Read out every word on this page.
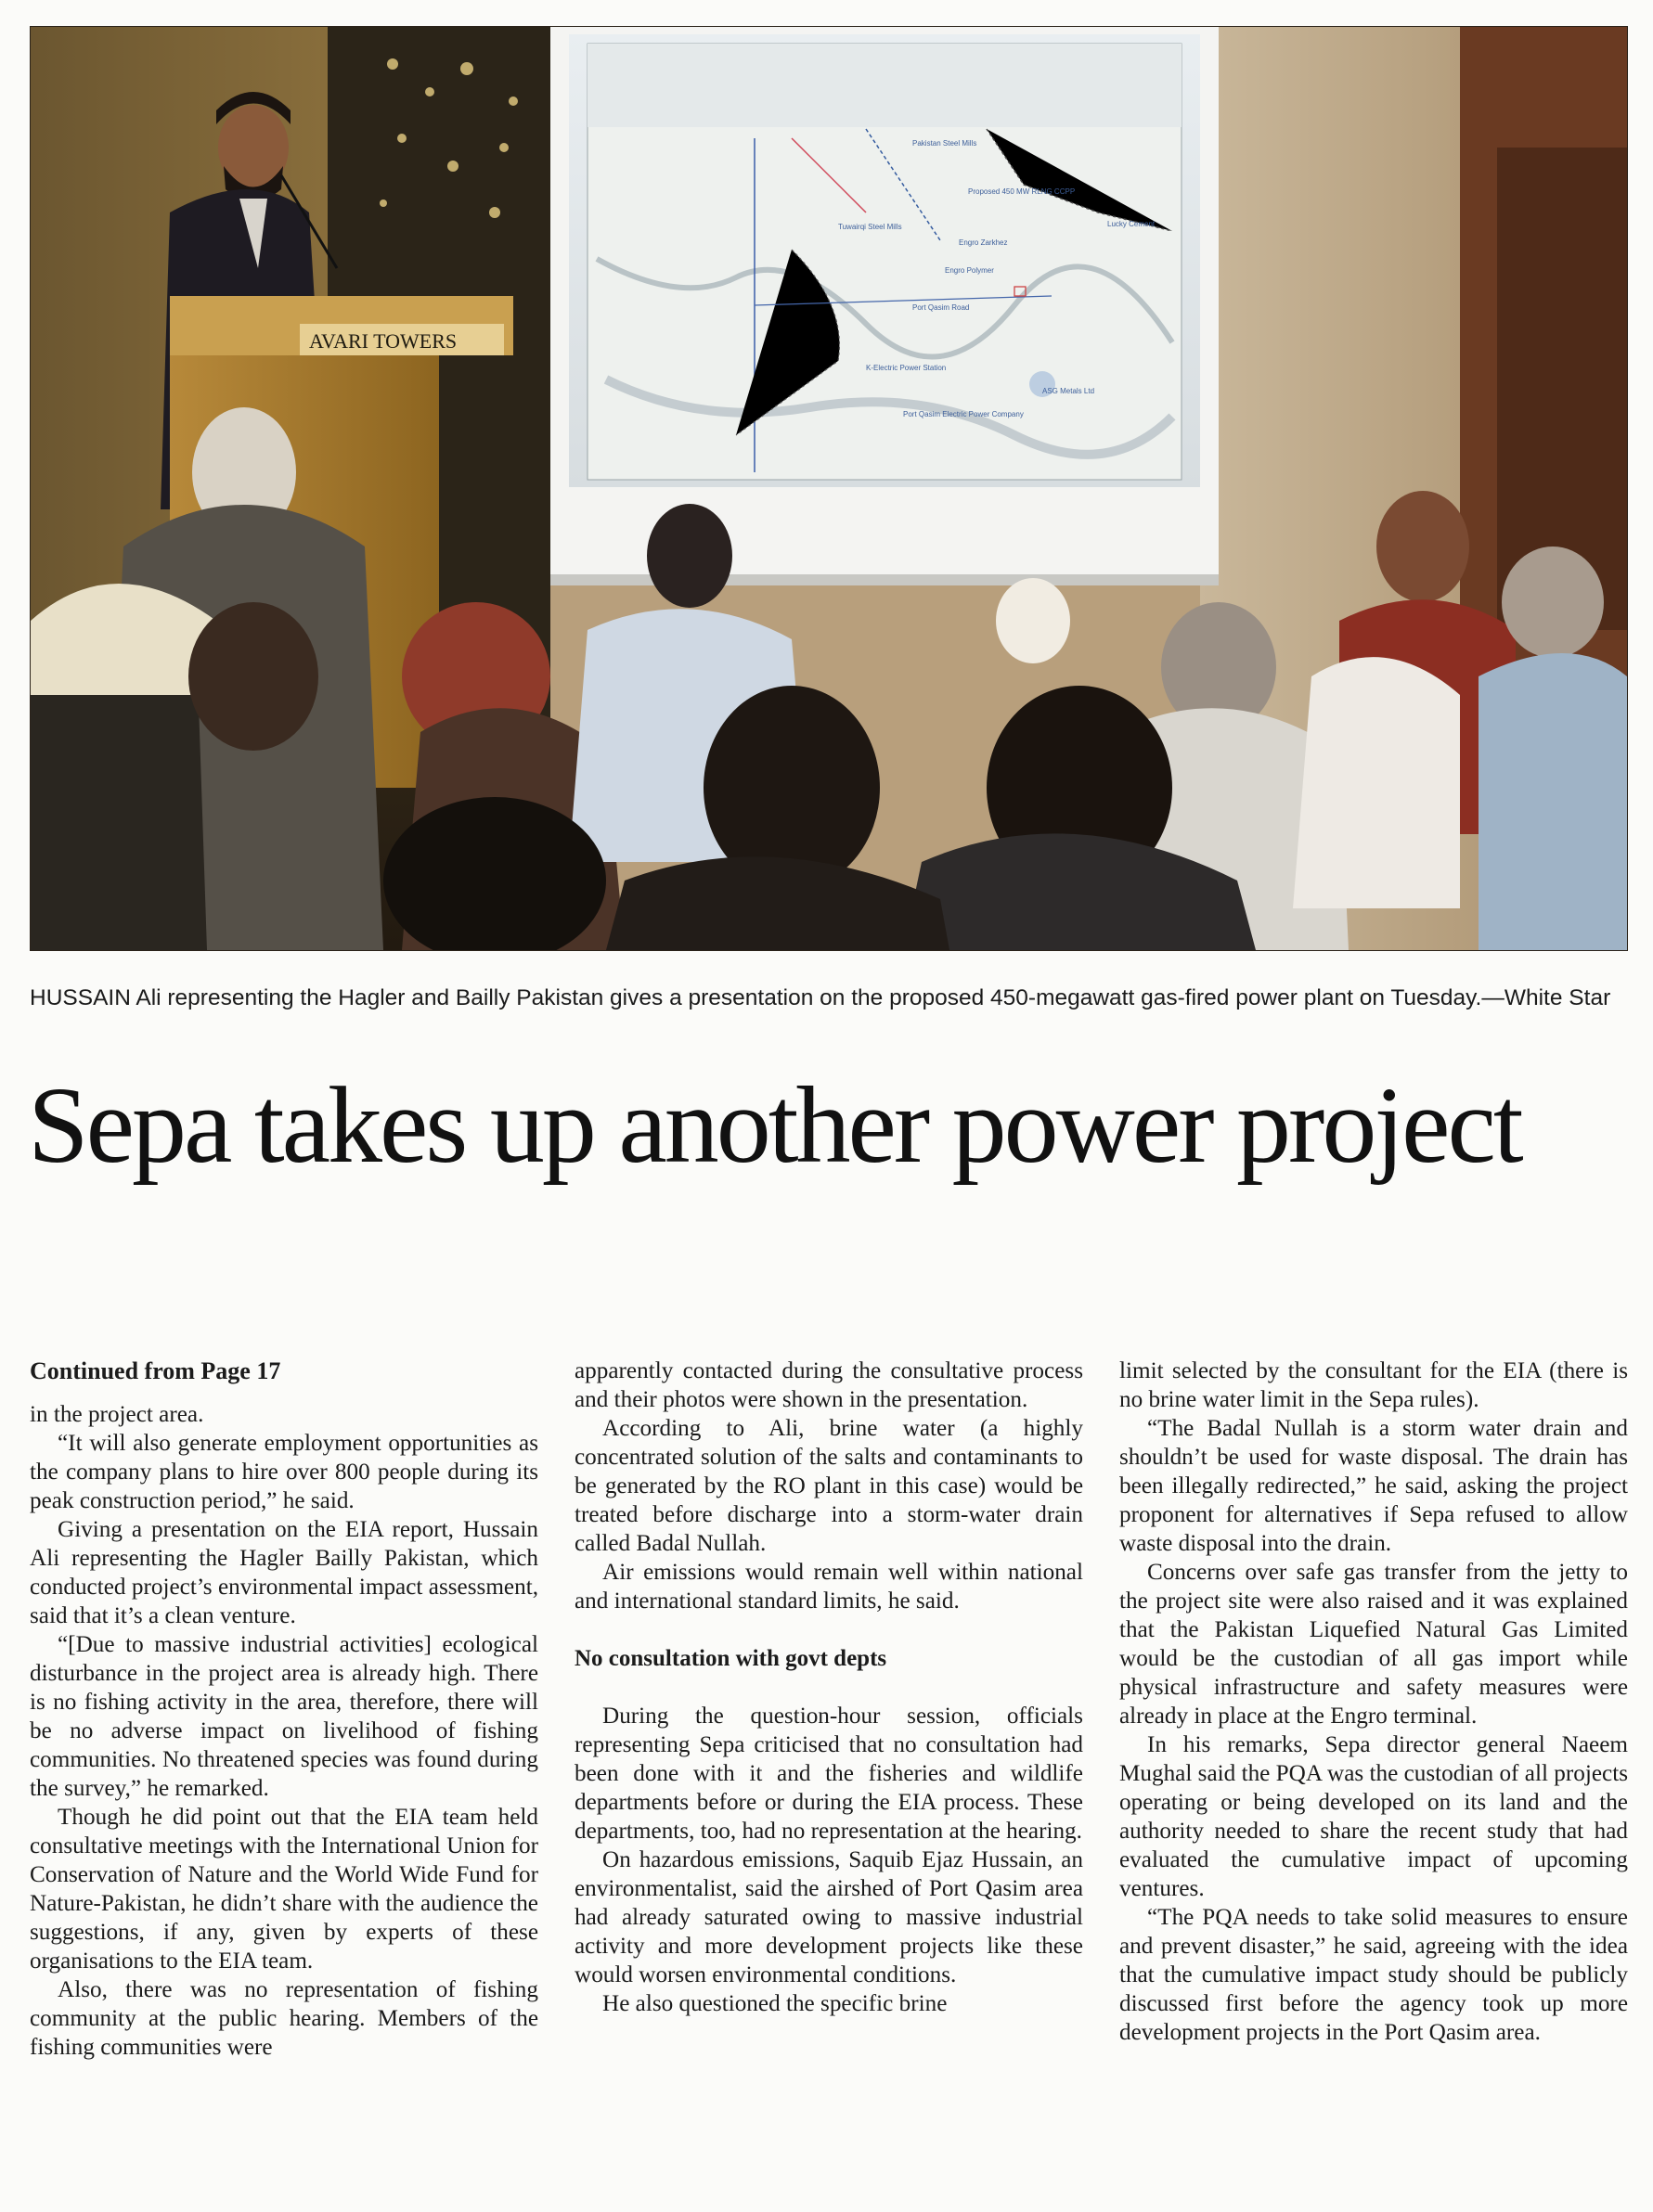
Pakistan Steel Mills
Proposed 450 MW RLNG CCPP
Engro Zarkhez
Tuwairqi Steel Mills
Engro Polymer
Port Qasim Road
K-Electric Power Station
Port Qasim Electric Power Company
ASG Metals Ltd
Lucky Cement
AVARI TOWERS
HUSSAIN Ali representing the Hagler and Bailly Pakistan gives a presentation on the proposed 450-megawatt gas-fired power plant on Tuesday.—White Star
Sepa takes up another power project
Continued from Page 17

in the project area.

“It will also generate employment opportunities as the company plans to hire over 800 people during its peak construction period,” he said.

Giving a presentation on the EIA report, Hussain Ali representing the Hagler Bailly Pakistan, which conducted project’s environmental impact assessment, said that it’s a clean venture.

“[Due to massive industrial activities] ecological disturbance in the project area is already high. There is no fishing activity in the area, therefore, there will be no adverse impact on livelihood of fishing communities. No threatened species was found during the survey,” he remarked.

Though he did point out that the EIA team held consultative meetings with the International Union for Conservation of Nature and the World Wide Fund for Nature-Pakistan, he didn’t share with the audience the suggestions, if any, given by experts of these organisations to the EIA team.

Also, there was no representation of fishing community at the public hearing. Members of the fishing communities were

apparently contacted during the consultative process and their photos were shown in the presentation.

According to Ali, brine water (a highly concentrated solution of the salts and contaminants to be generated by the RO plant in this case) would be treated before discharge into a storm-water drain called Badal Nullah.

Air emissions would remain well within national and international standard limits, he said.

No consultation with govt depts

During the question-hour session, officials representing Sepa criticised that no consultation had been done with it and the fisheries and wildlife departments before or during the EIA process. These departments, too, had no representation at the hearing.

On hazardous emissions, Saquib Ejaz Hussain, an environmentalist, said the airshed of Port Qasim area had already saturated owing to massive industrial activity and more development projects like these would worsen environmental conditions.

He also questioned the specific brine

limit selected by the consultant for the EIA (there is no brine water limit in the Sepa rules).

“The Badal Nullah is a storm water drain and shouldn’t be used for waste disposal. The drain has been illegally redirected,” he said, asking the project proponent for alternatives if Sepa refused to allow waste disposal into the drain.

Concerns over safe gas transfer from the jetty to the project site were also raised and it was explained that the Pakistan Liquefied Natural Gas Limited would be the custodian of all gas import while physical infrastructure and safety measures were already in place at the Engro terminal.

In his remarks, Sepa director general Naeem Mughal said the PQA was the custodian of all projects operating or being developed on its land and the authority needed to share the recent study that had evaluated the cumulative impact of upcoming ventures.

“The PQA needs to take solid measures to ensure and prevent disaster,” he said, agreeing with the idea that the cumulative impact study should be publicly discussed first before the agency took up more development projects in the Port Qasim area.
